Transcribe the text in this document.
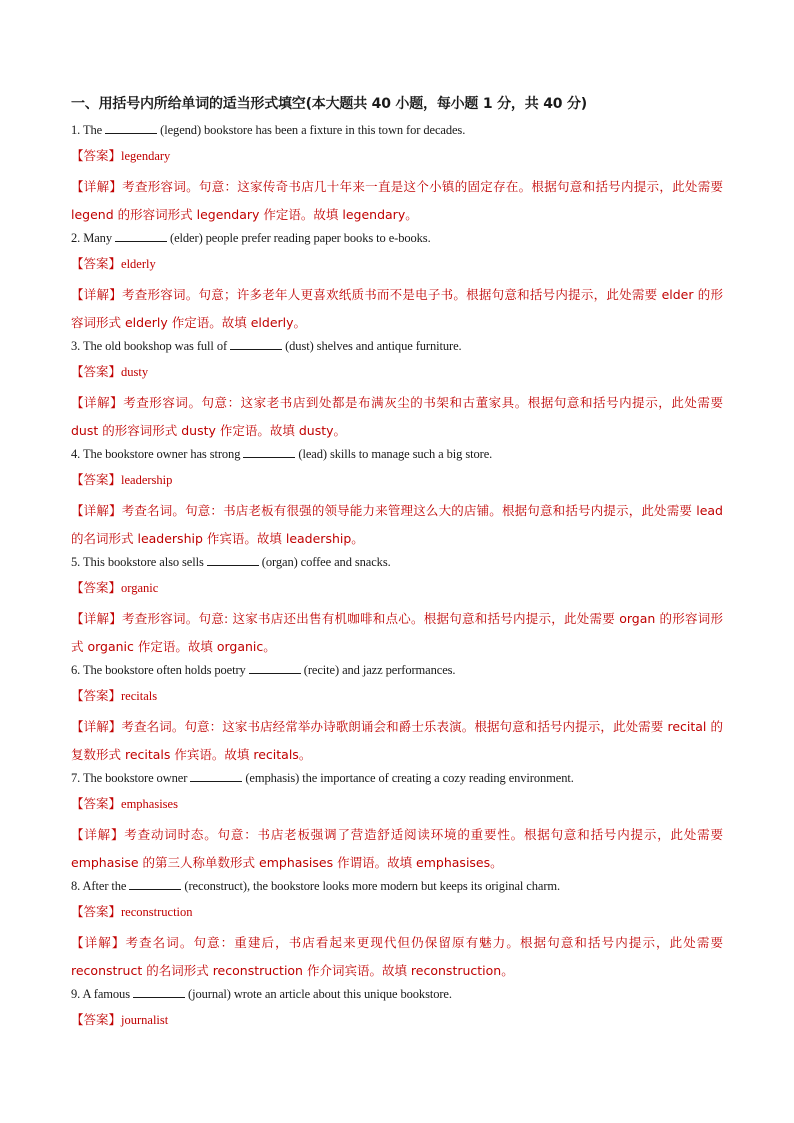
一、用括号内所给单词的适当形式填空(本大题共 40 小题，每小题 1 分，共 40 分)
1. The	(legend) bookstore has been a fixture in this town for decades.
【答案】legendary
【详解】考查形容词。句意：这家传奇书店几十年来一直是这个小镇的固定存在。根据句意和括号内提示，此处需要 legend 的形容词形式 legendary 作定语。故填 legendary。
2. Many	(elder) people prefer reading paper books to e-books.
【答案】elderly
【详解】考查形容词。句意；许多老年人更喜欢纸质书而不是电子书。根据句意和括号内提示，此处需要 elder 的形容词形式 elderly 作定语。故填 elderly。
3. The old bookshop was full of	(dust) shelves and antique furniture.
【答案】dusty
【详解】考查形容词。句意：这家老书店到处都是布满灰尘的书架和古董家具。根据句意和括号内提示，此处需要 dust 的形容词形式 dusty 作定语。故填 dusty。
4. The bookstore owner has strong	(lead) skills to manage such a big store.
【答案】leadership
【详解】考查名词。句意：书店老板有很强的领导能力来管理这么大的店铺。根据句意和括号内提示，此处需要 lead 的名词形式 leadership 作宾语。故填 leadership。
5. This bookstore also sells	(organ) coffee and snacks.
【答案】organic
【详解】考查形容词。句意: 这家书店还出售有机咖啡和点心。根据句意和括号内提示，此处需要 organ 的形容词形式 organic 作定语。故填 organic。
6. The bookstore often holds poetry	(recite) and jazz performances.
【答案】recitals
【详解】考查名词。句意：这家书店经常举办诗歌朗诵会和爵士乐表演。根据句意和括号内提示，此处需要 recital 的复数形式 recitals 作宾语。故填 recitals。
7. The bookstore owner	(emphasis) the importance of creating a cozy reading environment.
【答案】emphasises
【详解】考查动词时态。句意：书店老板强调了营造舒适阅读环境的重要性。根据句意和括号内提示，此处需要 emphasise 的第三人称单数形式 emphasises 作谓语。故填 emphasises。
8. After the	(reconstruct), the bookstore looks more modern but keeps its original charm.
【答案】reconstruction
【详解】考查名词。句意：重建后，书店看起来更现代但仍保留原有魅力。根据句意和括号内提示，此处需要 reconstruct 的名词形式 reconstruction 作介词宾语。故填 reconstruction。
9. A famous	(journal) wrote an article about this unique bookstore.
【答案】journalist
